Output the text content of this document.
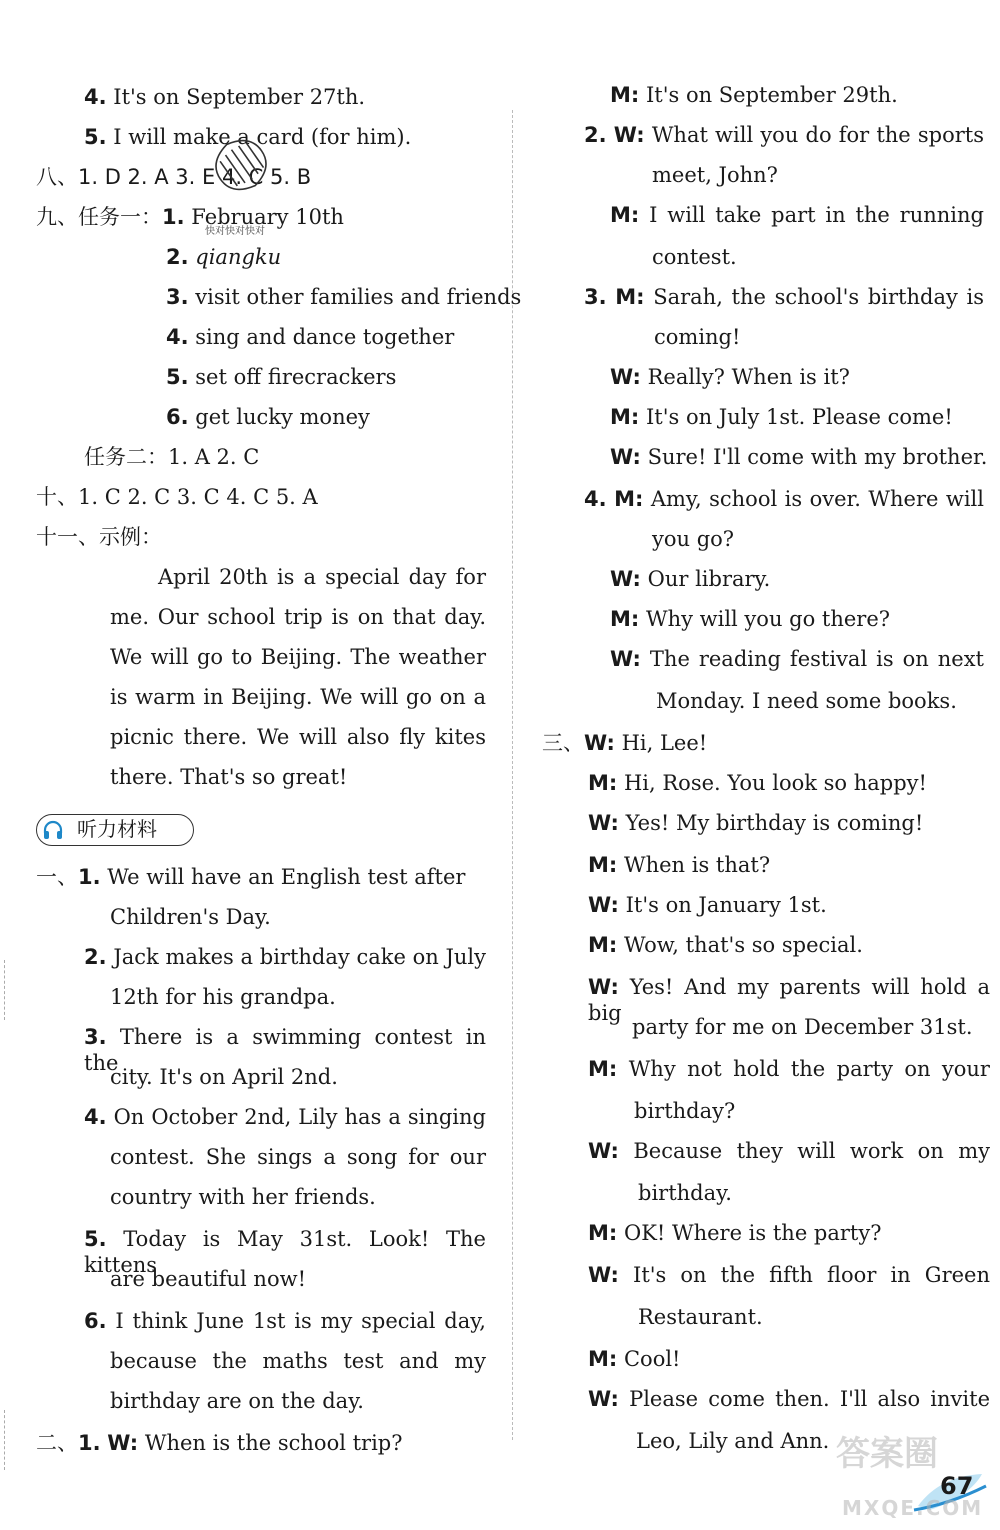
4. It's on September 27th.
5. I will make a card (for him).
八、1. D 2. A 3. E 4. C 5. B
九、任务一：1. February 10th
2. qiangku
3. visit other families and friends
4. sing and dance together
5. set off firecrackers
6. get lucky money
任务二：1. A 2. C
十、1. C 2. C 3. C 4. C 5. A
十一、示例：
April 20th is a special day for
me. Our school trip is on that day.
We will go to Beijing. The weather
is warm in Beijing. We will go on a
picnic there. We will also fly kites
there. That's so great!
听力材料
一、1. We will have an English test after
Children's Day.
2. Jack makes a birthday cake on July
12th for his grandpa.
3. There is a swimming contest in the
city. It's on April 2nd.
4. On October 2nd, Lily has a singing
contest. She sings a song for our
country with her friends.
5. Today is May 31st. Look! The kittens
are beautiful now!
6. I think June 1st is my special day,
because the maths test and my
birthday are on the day.
二、1. W: When is the school trip?
快对快对快对
M: It's on September 29th.
2. W: What will you do for the sports
meet, John?
M: I will take part in the running
contest.
3. M: Sarah, the school's birthday is
coming!
W: Really? When is it?
M: It's on July 1st. Please come!
W: Sure! I'll come with my brother.
4. M: Amy, school is over. Where will
you go?
W: Our library.
M: Why will you go there?
W: The reading festival is on next
Monday. I need some books.
三、W: Hi, Lee!
M: Hi, Rose. You look so happy!
W: Yes! My birthday is coming!
M: When is that?
W: It's on January 1st.
M: Wow, that's so special.
W: Yes! And my parents will hold a big
party for me on December 31st.
M: Why not hold the party on your
birthday?
W: Because they will work on my
birthday.
M: OK! Where is the party?
W: It's on the fifth floor in Green
Restaurant.
M: Cool!
W: Please come then. I'll also invite
Leo, Lily and Ann.
67
答案圈
MXQE.COM
